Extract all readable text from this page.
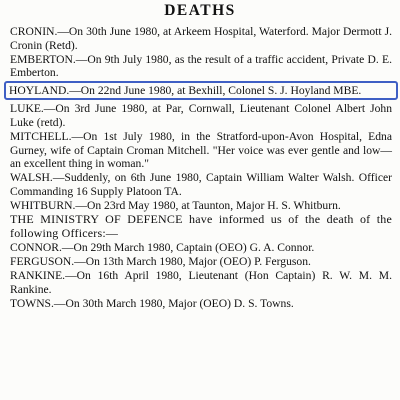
DEATHS

CRONIN.—On 30th June 1980, at Arkeem Hospital, Waterford. Major Dermott J. Cronin (Retd).

EMBERTON.—On 9th July 1980, as the result of a traffic accident, Private D. E. Emberton.

HOYLAND.—On 22nd June 1980, at Bexhill, Colonel S. J. Hoyland MBE.

LUKE.—On 3rd June 1980, at Par, Cornwall, Lieutenant Colonel Albert John Luke (retd).

MITCHELL.—On 1st July 1980, in the Stratford-upon-Avon Hospital, Edna Gurney, wife of Captain Croman Mitchell. "Her voice was ever gentle and low—an excellent thing in woman."

WALSH.—Suddenly, on 6th June 1980, Captain William Walter Walsh. Officer Commanding 16 Supply Platoon TA.

WHITBURN.—On 23rd May 1980, at Taunton, Major H. S. Whitburn.

THE MINISTRY OF DEFENCE have informed us of the death of the following Officers:—

CONNOR.—On 29th March 1980, Captain (OEO) G. A. Connor.

FERGUSON.—On 13th March 1980, Major (OEO) P. Ferguson.

RANKINE.—On 16th April 1980, Lieutenant (Hon Captain) R. W. M. M. Rankine.

TOWNS.—On 30th March 1980, Major (OEO) D. S. Towns.
